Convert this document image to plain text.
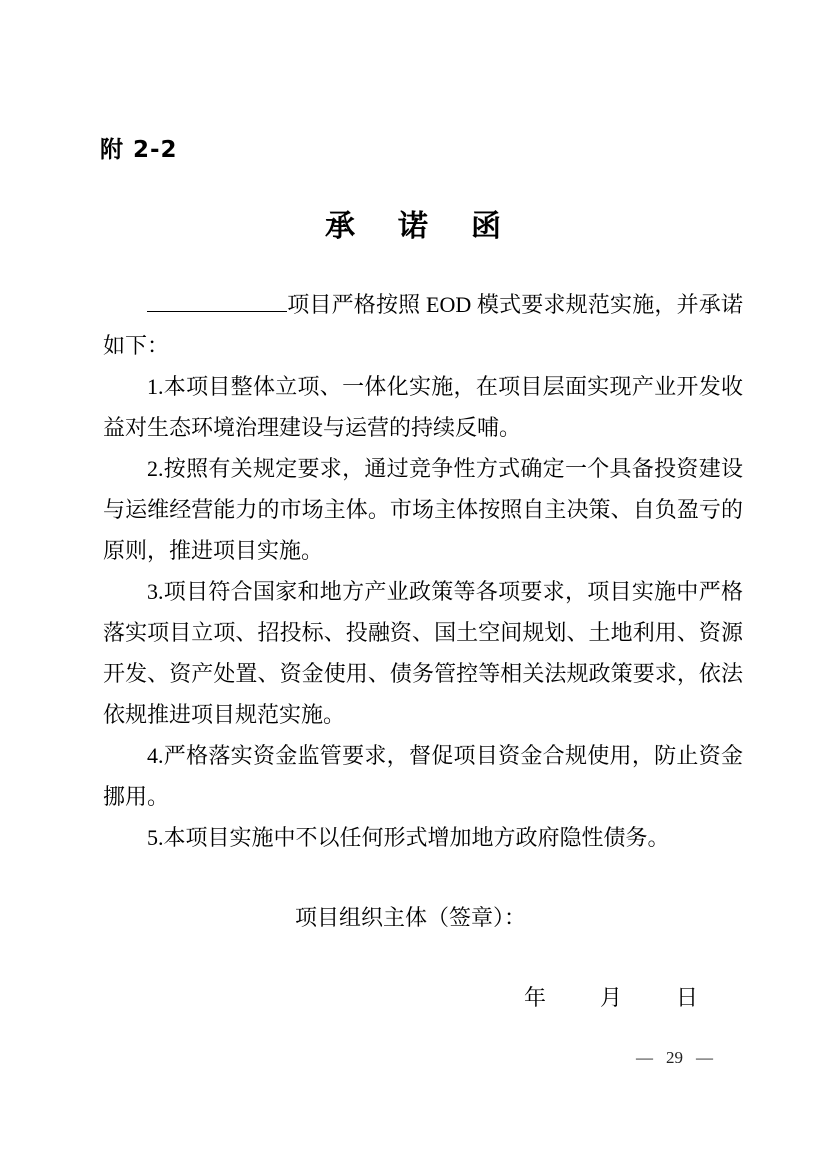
附 2-2
承诺函

项目严格按照 EOD 模式要求规范实施，并承诺如下：

1.本项目整体立项、一体化实施，在项目层面实现产业开发收益对生态环境治理建设与运营的持续反哺。

2.按照有关规定要求，通过竞争性方式确定一个具备投资建设与运维经营能力的市场主体。市场主体按照自主决策、自负盈亏的原则，推进项目实施。

3.项目符合国家和地方产业政策等各项要求，项目实施中严格落实项目立项、招投标、投融资、国土空间规划、土地利用、资源开发、资产处置、资金使用、债务管控等相关法规政策要求，依法依规推进项目规范实施。

4.严格落实资金监管要求，督促项目资金合规使用，防止资金挪用。

5.本项目实施中不以任何形式增加地方政府隐性债务。

项目组织主体（签章）：
年 月 日
— 29 —
